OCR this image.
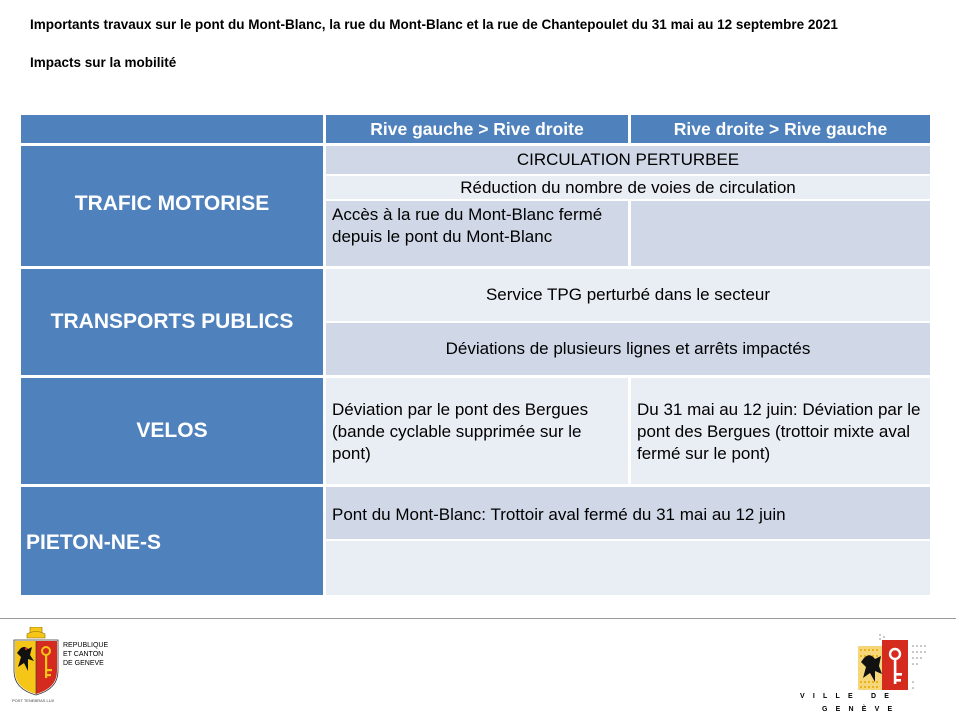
Importants travaux sur le pont du Mont-Blanc, la rue du Mont-Blanc et la rue de Chantepoulet du 31 mai au 12 septembre 2021
Impacts sur la mobilité
Rive gauche > Rive droite	Rive droite > Rive gauche
TRAFIC MOTORISE
CIRCULATION PERTURBEE
Réduction du nombre de voies de circulation
Accès à la rue du Mont-Blanc fermé depuis le pont du Mont-Blanc
TRANSPORTS PUBLICS
Service TPG perturbé dans le secteur
Déviations de plusieurs lignes et arrêts impactés
VELOS
Déviation par le pont des Bergues (bande cyclable supprimée sur le pont)
Du 31 mai au 12 juin: Déviation par le pont des Bergues (trottoir mixte aval fermé sur le pont)
PIETON-NE-S
Pont du Mont-Blanc: Trottoir aval fermé du 31 mai au 12 juin
REPUBLIQUE
ET CANTON
DE GENEVE
POST TENEBRAS LUX
VILLE DE
GENÈVE
